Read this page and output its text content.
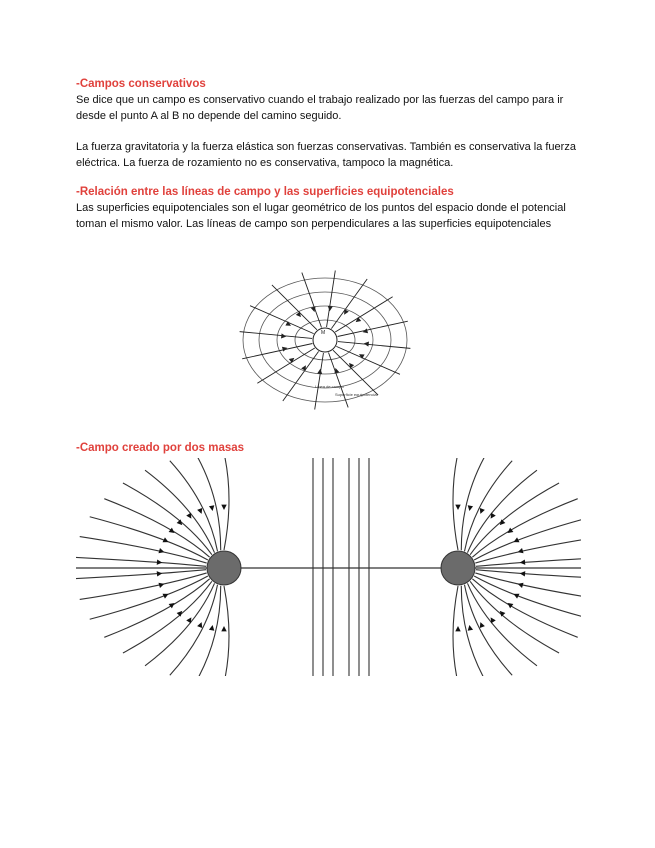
-Campos conservativos

Se dice que un campo es conservativo cuando el trabajo realizado por las fuerzas del campo para ir desde el punto A al B no depende del camino seguido.

La fuerza gravitatoria y la fuerza elástica son fuerzas conservativas. También es conservativa la fuerza eléctrica. La fuerza de rozamiento no es conservativa, tampoco la magnética.

-Relación entre las líneas de campo y las superficies equipotenciales

Las superficies equipotenciales son el lugar geométrico de los puntos del espacio donde el potencial toman el mismo valor. Las líneas de campo son perpendiculares a las superficies equipotenciales

M
Línea de campo
Superficie equipotencial
-Campo creado por dos masas
